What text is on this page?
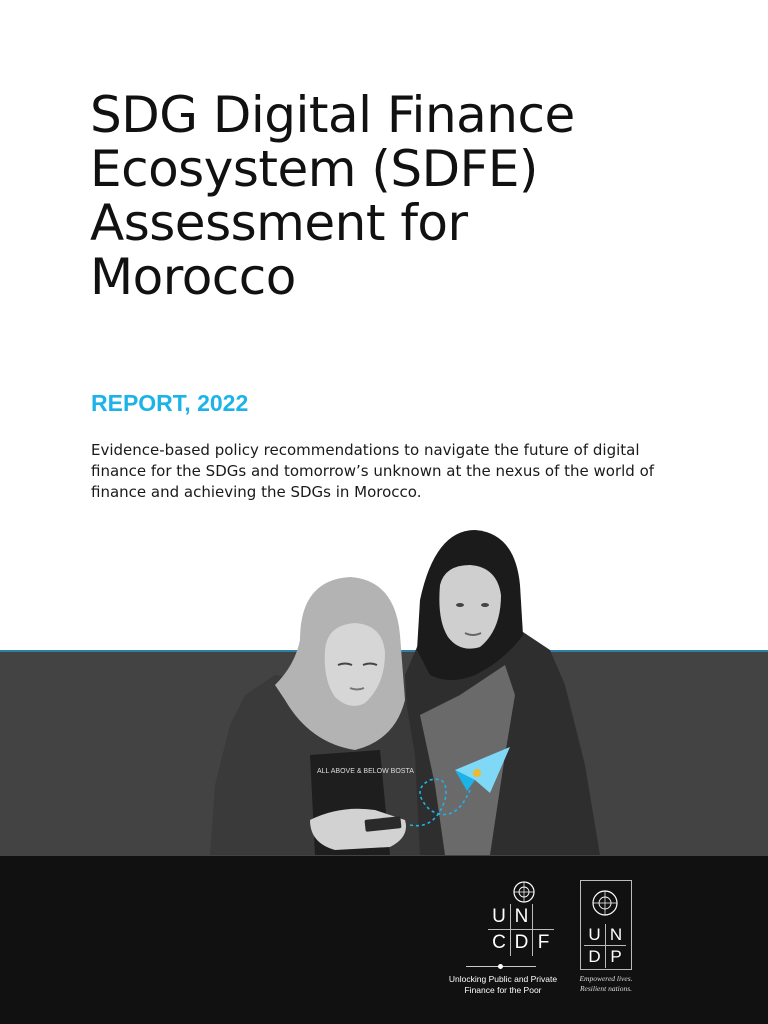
SDG Digital Finance
Ecosystem (SDFE)
Assessment for
Morocco
REPORT, 2022
Evidence-based policy recommendations to navigate the future of digital finance for the SDGs and tomorrow’s unknown at the nexus of the world of finance and achieving the SDGs in Morocco.
ALL ABOVE & BELOW BOSTA
U N
C D F
Unlocking Public and Private
Finance for the Poor
U N
D P
Empowered lives.
Resilient nations.
